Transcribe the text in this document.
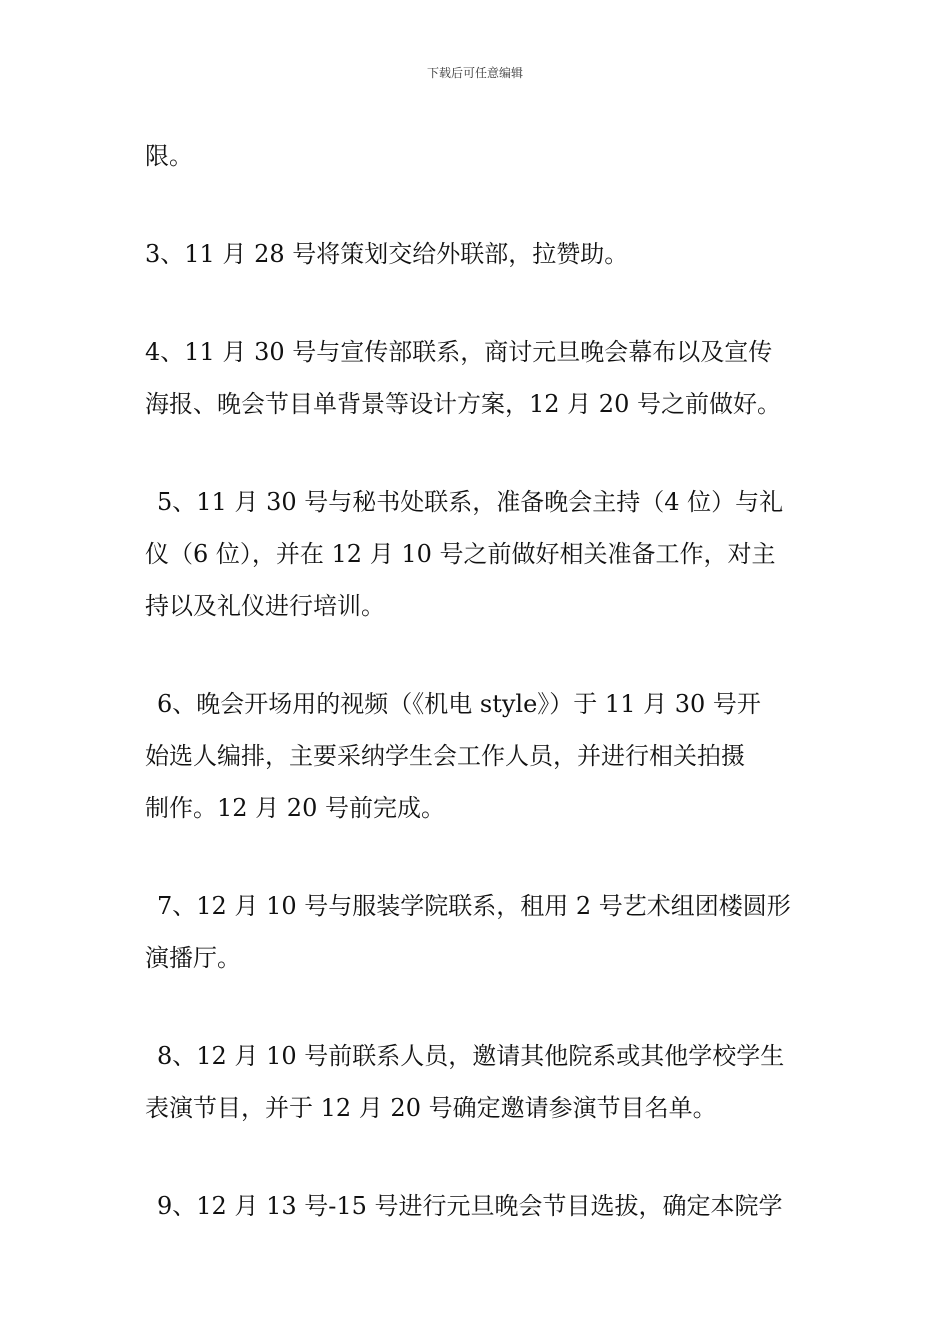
下载后可任意编辑

限。

3、11 月 28 号将策划交给外联部，拉赞助。

4、11 月 30 号与宣传部联系，商讨元旦晚会幕布以及宣传
海报、晚会节目单背景等设计方案，12 月 20 号之前做好。

5、11 月 30 号与秘书处联系，准备晚会主持（4 位）与礼
仪（6 位），并在 12 月 10 号之前做好相关准备工作，对主
持以及礼仪进行培训。

6、晚会开场用的视频（《机电 style》）于 11 月 30 号开
始选人编排，主要采纳学生会工作人员，并进行相关拍摄
制作。12 月 20 号前完成。

7、12 月 10 号与服装学院联系，租用 2 号艺术组团楼圆形
演播厅。

8、12 月 10 号前联系人员，邀请其他院系或其他学校学生
表演节目，并于 12 月 20 号确定邀请参演节目名单。

9、12 月 13 号-15 号进行元旦晚会节目选拔，确定本院学
